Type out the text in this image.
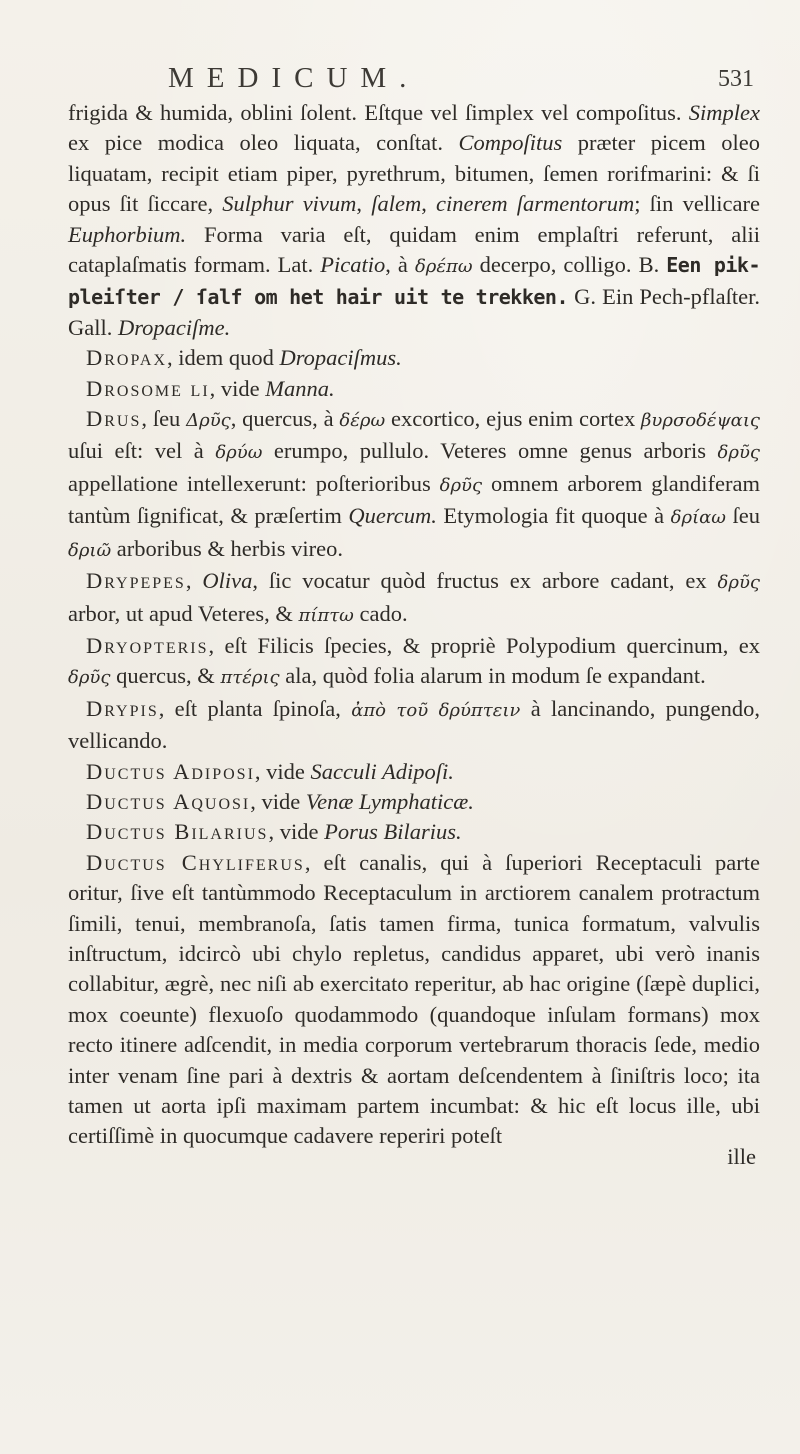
MEDICUM.	531

frigida & humida, oblini ſolent. Eſtque vel ſimplex vel compoſitus. Simplex ex pice modica oleo liquata, conſtat. Compoſitus præter picem oleo liquatam, recipit etiam piper, pyrethrum, bitumen, ſemen rorifmarini: & ſi opus ſit ſiccare, Sulphur vivum, ſalem, cinerem ſarmentorum; ſin vellicare Euphorbium. Forma varia eſt, quidam enim emplaſtri referunt, alii cataplaſmatis formam. Lat. Picatio, à δρέπω decerpo, colligo. B. Een pik-pleiſter / ſalf om het hair uit te trekken. G. Ein Pech-pflaſter. Gall. Dropaciſme.

Dropax, idem quod Dropaciſmus.

Drosome li, vide Manna.

Drus, ſeu Δρῦς, quercus, à δέρω excortico, ejus enim cortex βυρσοδέψαις uſui eſt: vel à δρύω erumpo, pullulo. Veteres omne genus arboris δρῦς appellatione intellexerunt: poſterioribus δρῦς omnem arborem glandiferam tantùm ſignificat, & præſertim Quercum. Etymologia fit quoque à δρίαω ſeu δριῶ arboribus & herbis vireo.

Drypepes, Oliva, ſic vocatur quòd fructus ex arbore cadant, ex δρῦς arbor, ut apud Veteres, & πίπτω cado.

Dryopteris, eſt Filicis ſpecies, & propriè Polypodium quercinum, ex δρῦς quercus, & πτέρις ala, quòd folia alarum in modum ſe expandant.

Drypis, eſt planta ſpinoſa, ἀπὸ τοῦ δρύπτειν à lancinando, pungendo, vellicando.

Ductus Adiposi, vide Sacculi Adipoſi.

Ductus Aquosi, vide Venæ Lymphaticæ.

Ductus Bilarius, vide Porus Bilarius.

Ductus Chyliferus, eſt canalis, qui à ſuperiori Receptaculi parte oritur, ſive eſt tantùmmodo Receptaculum in arctiorem canalem protractum ſimili, tenui, membranoſa, ſatis tamen firma, tunica formatum, valvulis inſtructum, idcircò ubi chylo repletus, candidus apparet, ubi verò inanis collabitur, ægrè, nec niſi ab exercitato reperitur, ab hac origine (ſæpè duplici, mox coeunte) flexuoſo quodammodo (quandoque inſulam formans) mox recto itinere adſcendit, in media corporum vertebrarum thoracis ſede, medio inter venam ſine pari à dextris & aortam deſcendentem à ſiniſtris loco; ita tamen ut aorta ipſi maximam partem incumbat: & hic eſt locus ille, ubi certiſſimè in quocumque cadavere reperiri poteſt

ille
